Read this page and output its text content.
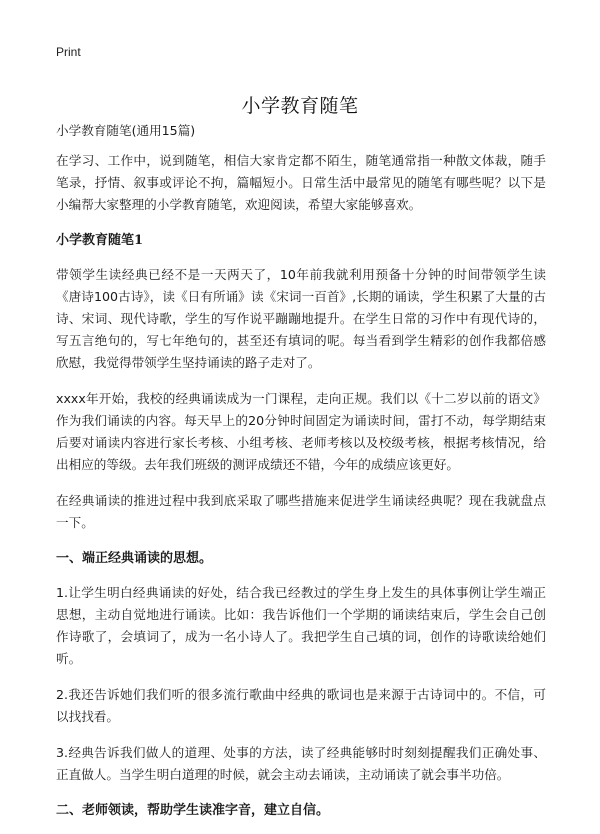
Print
小学教育随笔

小学教育随笔(通用15篇)

在学习、工作中，说到随笔，相信大家肯定都不陌生，随笔通常指一种散文体裁，随手笔录，抒情、叙事或评论不拘，篇幅短小。日常生活中最常见的随笔有哪些呢？以下是小编帮大家整理的小学教育随笔，欢迎阅读，希望大家能够喜欢。

小学教育随笔1

带领学生读经典已经不是一天两天了，10年前我就利用预备十分钟的时间带领学生读《唐诗100古诗》，读《日有所诵》读《宋词一百首》,长期的诵读，学生积累了大量的古诗、宋词、现代诗歌，学生的写作说平蹦蹦地提升。在学生日常的习作中有现代诗的，写五言绝句的，写七年绝句的，甚至还有填词的呢。每当看到学生精彩的创作我都倍感欣慰，我觉得带领学生坚持诵读的路子走对了。

xxxx年开始，我校的经典诵读成为一门课程，走向正规。我们以《十二岁以前的语文》作为我们诵读的内容。每天早上的20分钟时间固定为诵读时间，雷打不动，每学期结束后要对诵读内容进行家长考核、小组考核、老师考核以及校级考核，根据考核情况，给出相应的等级。去年我们班级的测评成绩还不错，今年的成绩应该更好。

在经典诵读的推进过程中我到底采取了哪些措施来促进学生诵读经典呢？现在我就盘点一下。

一、端正经典诵读的思想。

1.让学生明白经典诵读的好处，结合我已经教过的学生身上发生的具体事例让学生端正思想，主动自觉地进行诵读。比如：我告诉他们一个学期的诵读结束后，学生会自己创作诗歌了，会填词了，成为一名小诗人了。我把学生自己填的词，创作的诗歌读给她们听。

2.我还告诉她们我们听的很多流行歌曲中经典的歌词也是来源于古诗词中的。不信，可以找找看。

3.经典告诉我们做人的道理、处事的方法，读了经典能够时时刻刻提醒我们正确处事、正直做人。当学生明白道理的时候，就会主动去诵读，主动诵读了就会事半功倍。

二、老师领读，帮助学生读准字音，建立自信。
